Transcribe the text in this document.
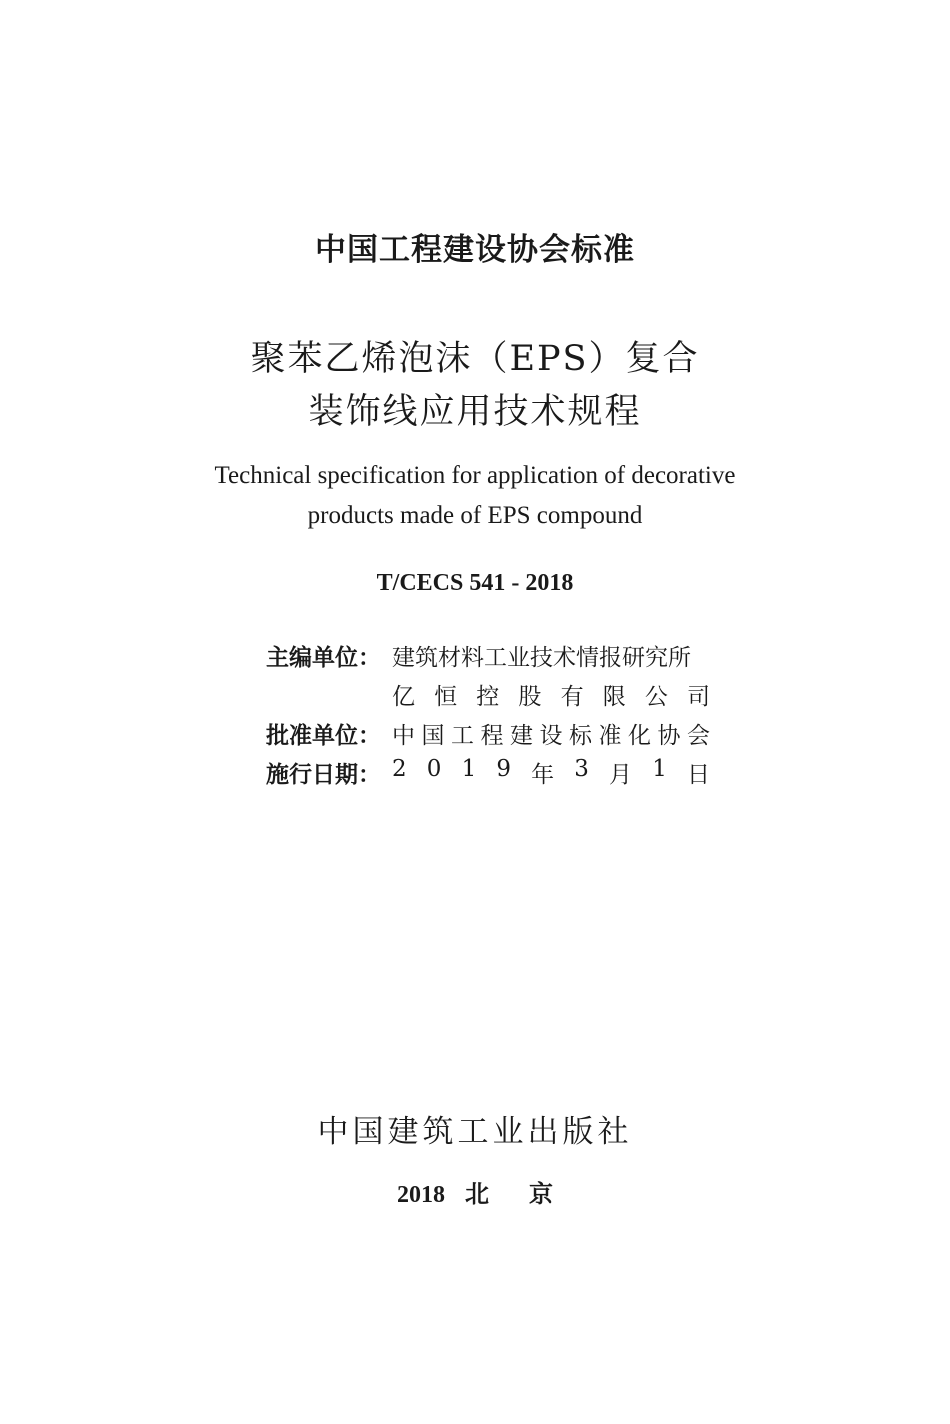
中国工程建设协会标准
聚苯乙烯泡沫（EPS）复合
装饰线应用技术规程
Technical specification for application of decorative
products made of EPS compound
T/CECS 541 - 2018
主编单位： 建筑材料工业技术情报研究所
亿 恒 控 股 有 限 公 司
批准单位： 中 国 工 程 建 设 标 准 化 协 会
施行日期： 2 0 1 9 年 3 月 1 日
中国建筑工业出版社
2018 北京
